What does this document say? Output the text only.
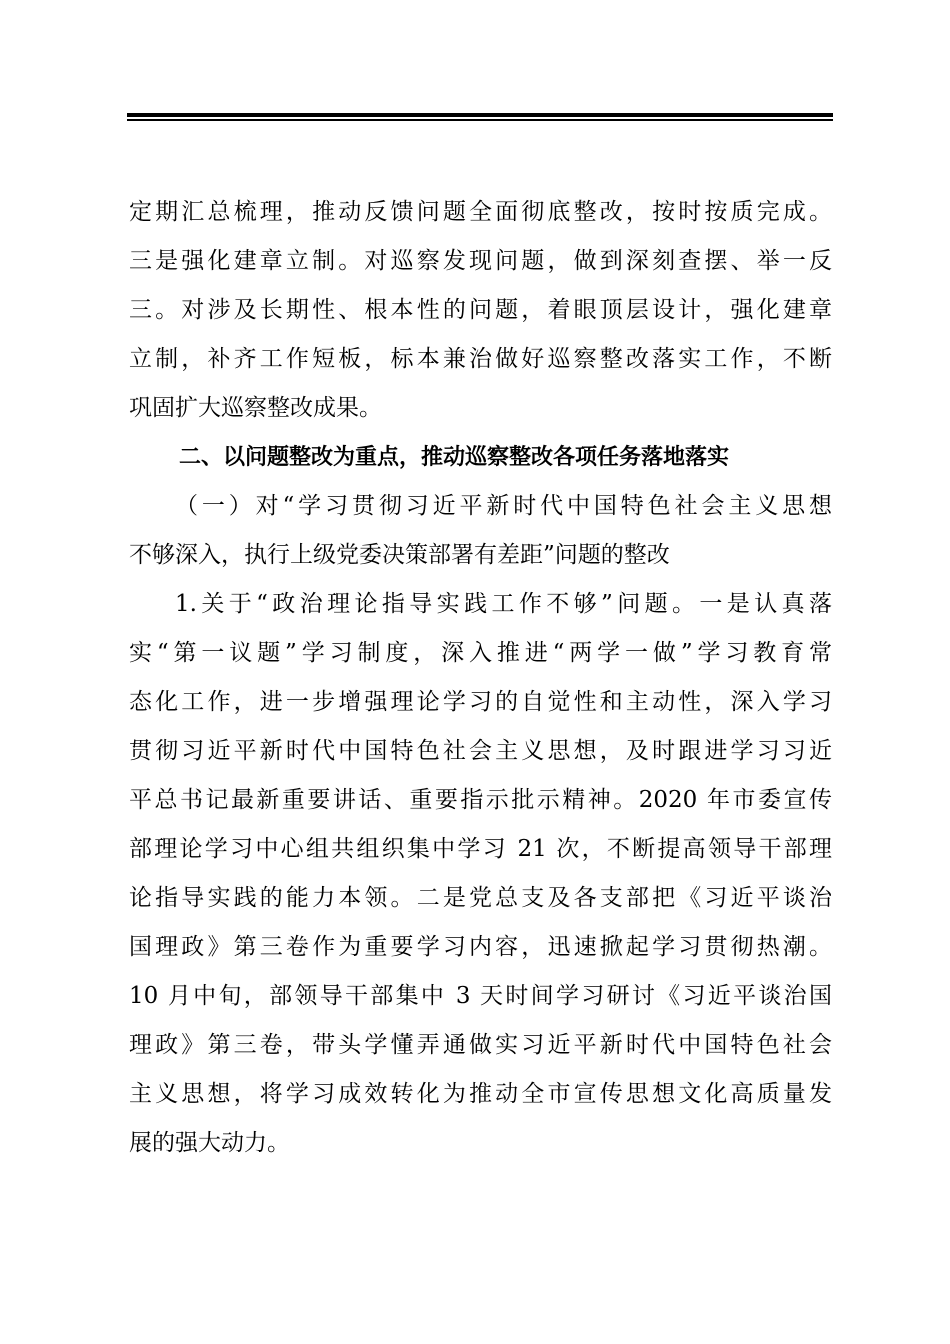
定期汇总梳理，推动反馈问题全面彻底整改，按时按质完成。
三是强化建章立制。对巡察发现问题，做到深刻查摆、举一反
三。对涉及长期性、根本性的问题，着眼顶层设计，强化建章
立制，补齐工作短板，标本兼治做好巡察整改落实工作，不断
巩固扩大巡察整改成果。
二、以问题整改为重点，推动巡察整改各项任务落地落实
（一）对“学习贯彻习近平新时代中国特色社会主义思想
不够深入，执行上级党委决策部署有差距”问题的整改
1.关于“政治理论指导实践工作不够”问题。一是认真落
实“第一议题”学习制度，深入推进“两学一做”学习教育常
态化工作，进一步增强理论学习的自觉性和主动性，深入学习
贯彻习近平新时代中国特色社会主义思想，及时跟进学习习近
平总书记最新重要讲话、重要指示批示精神。2020 年市委宣传
部理论学习中心组共组织集中学习 21 次，不断提高领导干部理
论指导实践的能力本领。二是党总支及各支部把《习近平谈治
国理政》第三卷作为重要学习内容，迅速掀起学习贯彻热潮。
10 月中旬，部领导干部集中 3 天时间学习研讨《习近平谈治国
理政》第三卷，带头学懂弄通做实习近平新时代中国特色社会
主义思想，将学习成效转化为推动全市宣传思想文化高质量发
展的强大动力。
